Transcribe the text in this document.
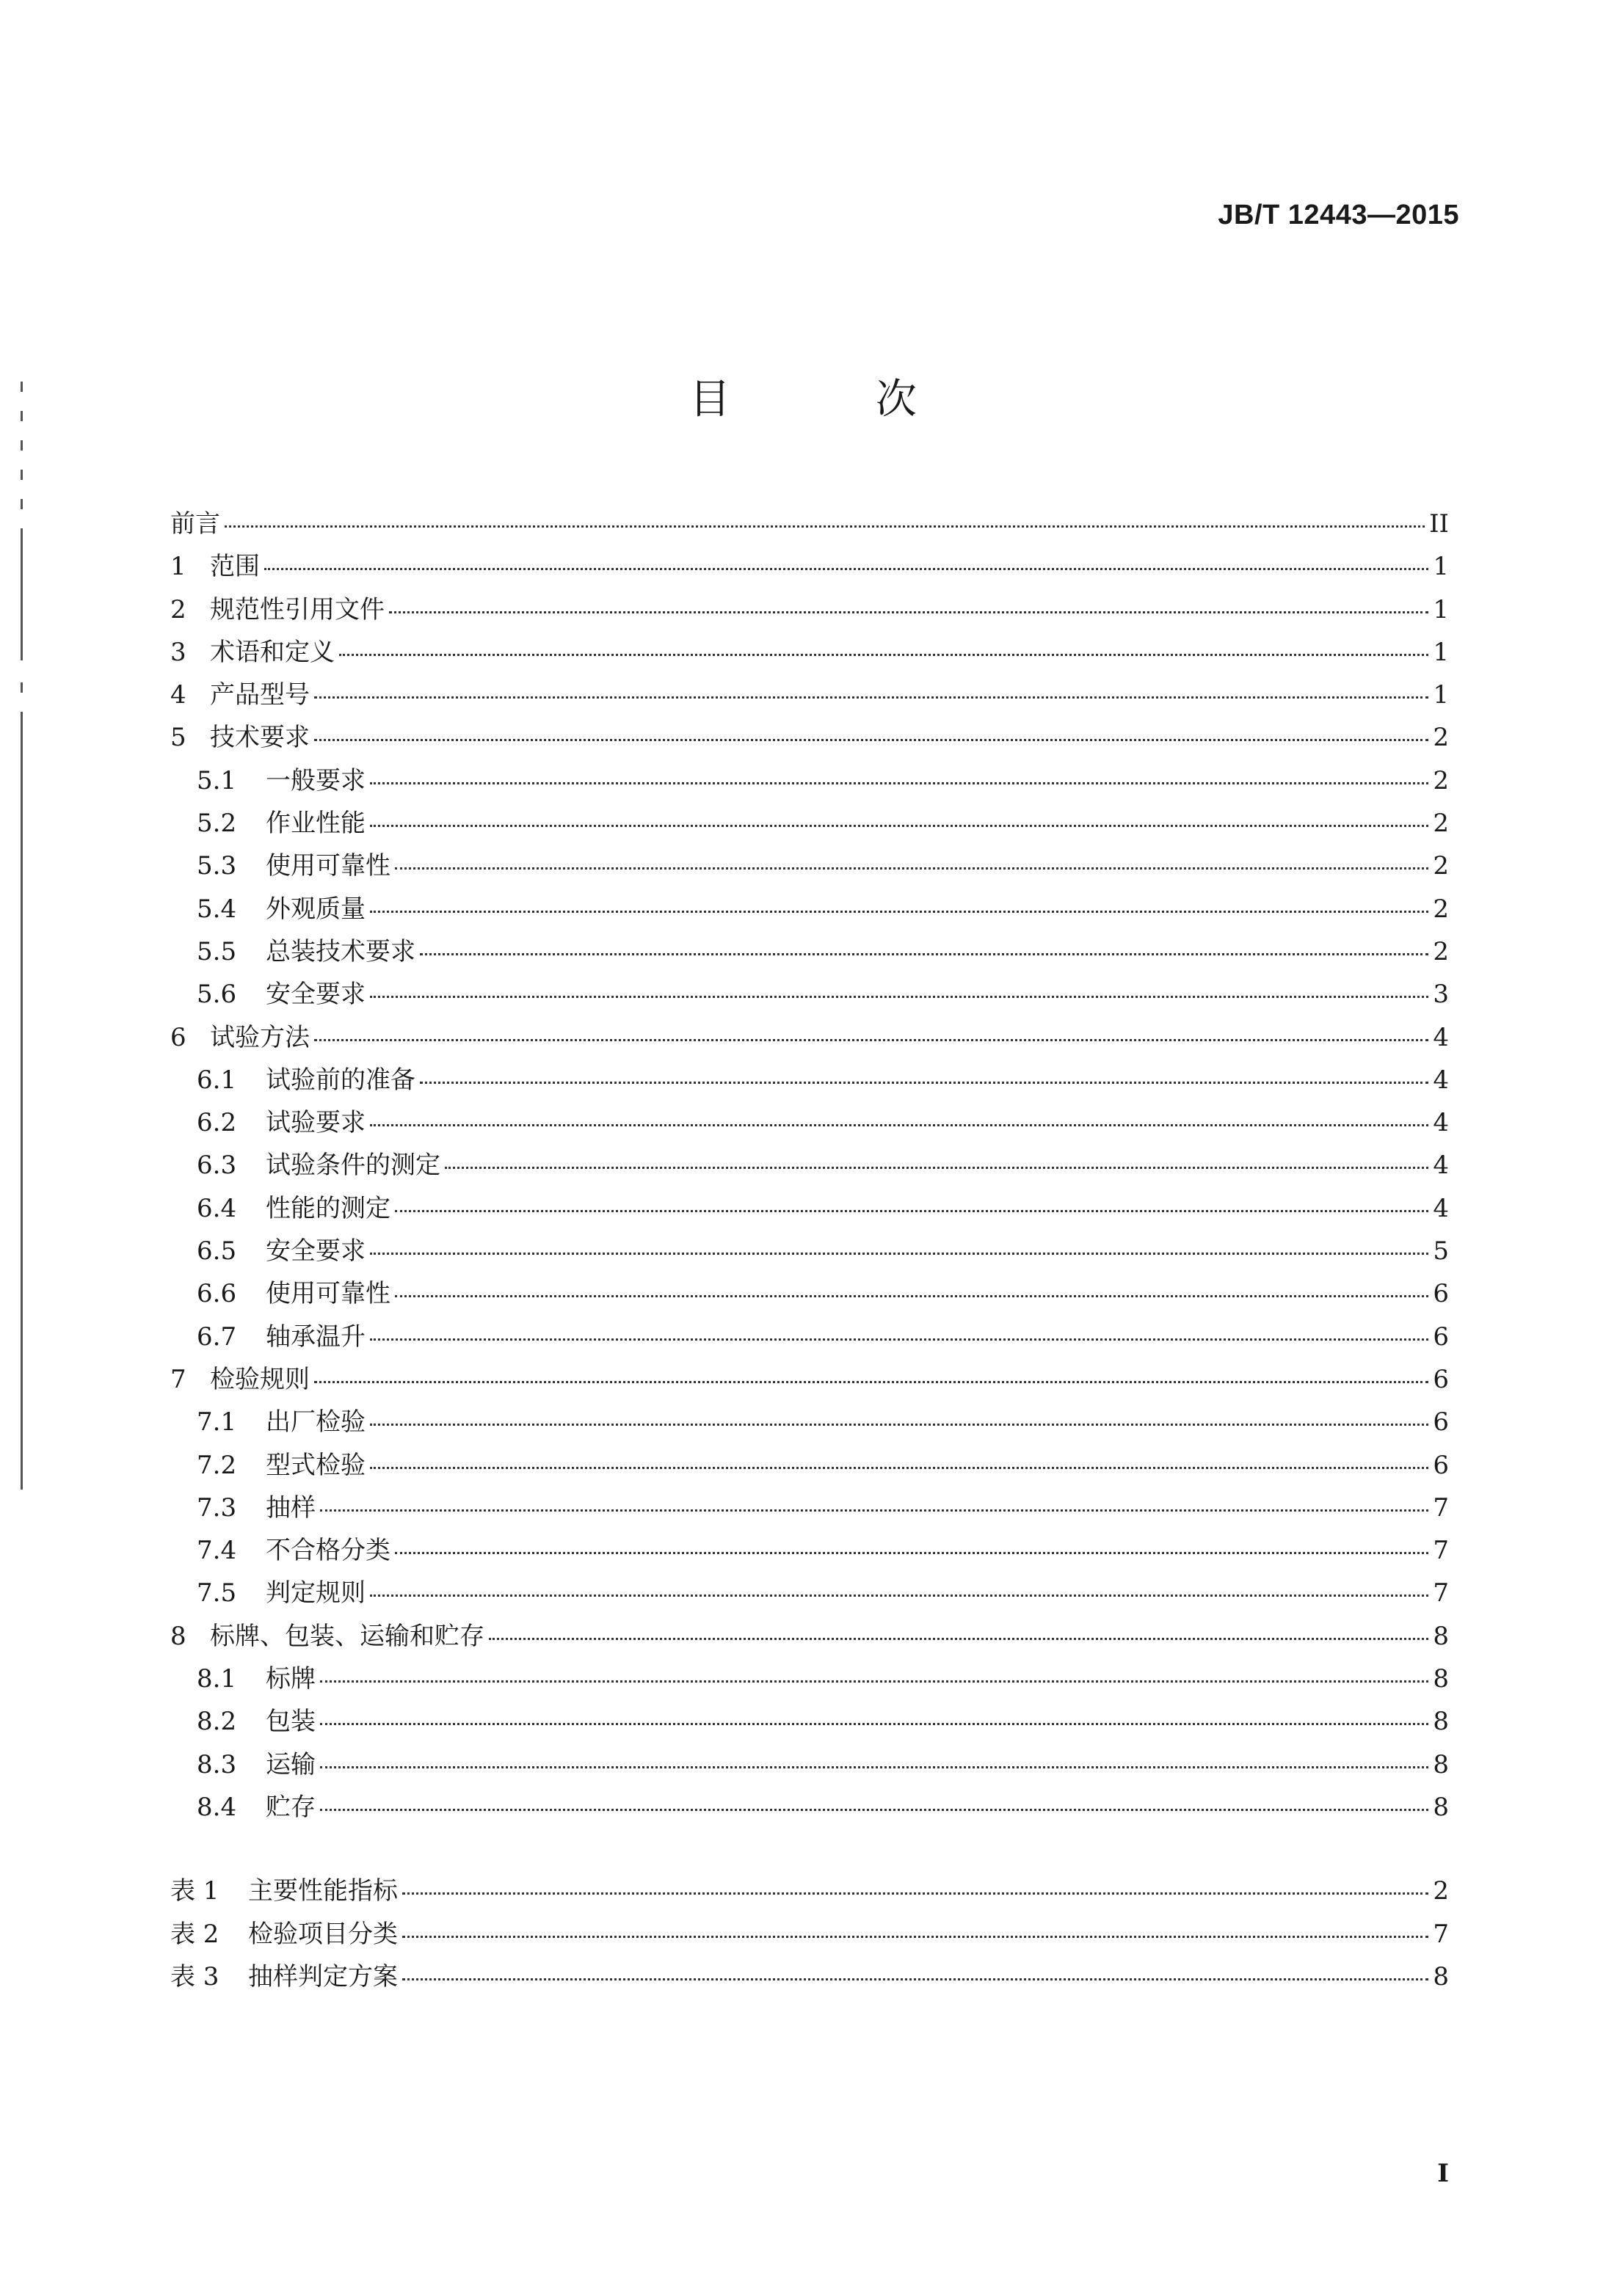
JB/T 12443—2015
目 次
前言	II
1 范围	1
2 规范性引用文件	1
3 术语和定义	1
4 产品型号	1
5 技术要求	2
5.1	一般要求	2
5.2	作业性能	2
5.3	使用可靠性	2
5.4	外观质量	2
5.5	总装技术要求	2
5.6	安全要求	3
6 试验方法	4
6.1	试验前的准备	4
6.2	试验要求	4
6.3	试验条件的测定	4
6.4	性能的测定	4
6.5	安全要求	5
6.6	使用可靠性	6
6.7	轴承温升	6
7 检验规则	6
7.1	出厂检验	6
7.2	型式检验	6
7.3	抽样	7
7.4	不合格分类	7
7.5	判定规则	7
8 标牌、包装、运输和贮存	8
8.1	标牌	8
8.2	包装	8
8.3	运输	8
8.4	贮存	8
表 1	主要性能指标	2
表 2	检验项目分类	7
表 3	抽样判定方案	8
I
